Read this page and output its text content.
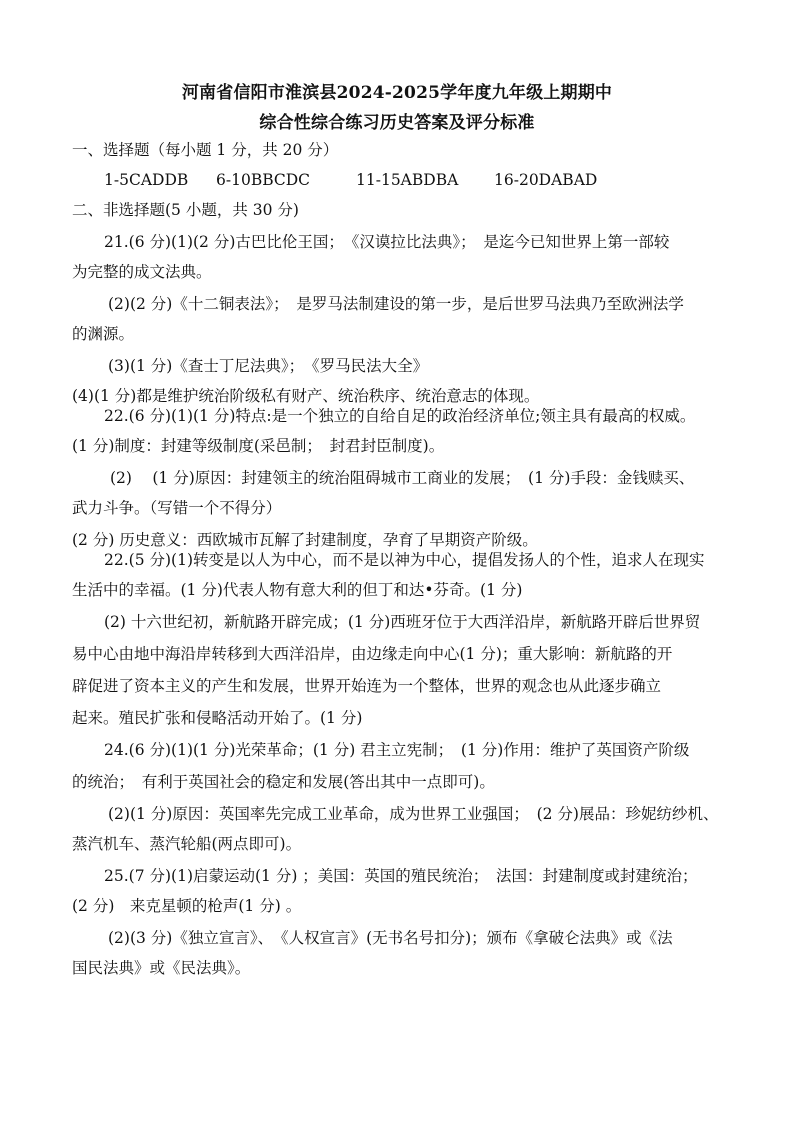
河南省信阳市淮滨县2024-2025学年度九年级上期期中
综合性综合练习历史答案及评分标准
一、选择题（每小题 1 分，共 20 分）
1-5CADDB 6-10BBCDC	11-15ABDBA 16-20DABAD
二、非选择题(5 小题，共 30 分)
21.(6 分)(1)(2 分)古巴比伦王国；　《汉谟拉比法典》；　是迄今已知世界上第一部较
为完整的成文法典。
(2)(2 分)《十二铜表法》；　是罗马法制建设的第一步，是后世罗马法典乃至欧洲法学
的渊源。
(3)(1 分)《查士丁尼法典》；　《罗马民法大全》
(4)(1 分)都是维护统治阶级私有财产、统治秩序、统治意志的体现。
22.(6 分)(1)(1 分)特点:是一个独立的自给自足的政治经济单位;领主具有最高的权威。
(1 分)制度：封建等级制度(采邑制；　封君封臣制度)。
(2)　 (1 分)原因：封建领主的统治阻碍城市工商业的发展；　(1 分)手段：金钱赎买、
武力斗争。（写错一个不得分）
(2 分) 历史意义：西欧城市瓦解了封建制度，孕育了早期资产阶级。
22.(5 分)(1)转变是以人为中心，而不是以神为中心，提倡发扬人的个性，追求人在现实
生活中的幸福。(1 分)代表人物有意大利的但丁和达•芬奇。(1 分)
(2) 十六世纪初，新航路开辟完成；(1 分)西班牙位于大西洋沿岸，新航路开辟后世界贸
易中心由地中海沿岸转移到大西洋沿岸，由边缘走向中心(1 分)；重大影响：新航路的开
辟促进了资本主义的产生和发展，世界开始连为一个整体，世界的观念也从此逐步确立
起来。殖民扩张和侵略活动开始了。(1 分)
24.(6 分)(1)(1 分)光荣革命；(1 分) 君主立宪制；　(1 分)作用：维护了英国资产阶级
的统治；　有利于英国社会的稳定和发展(答出其中一点即可)。
(2)(1 分)原因：英国率先完成工业革命，成为世界工业强国；　(2 分)展品：珍妮纺纱机、
蒸汽机车、蒸汽轮船(两点即可)。
25.(7 分)(1)启蒙运动(1 分) ；美国：英国的殖民统治；　法国：封建制度或封建统治；
(2 分)　来克星顿的枪声(1 分) 。
(2)(3 分)《独立宣言》、　《人权宣言》(无书名号扣分)；颁布《拿破仑法典》或《法
国民法典》或《民法典》。
